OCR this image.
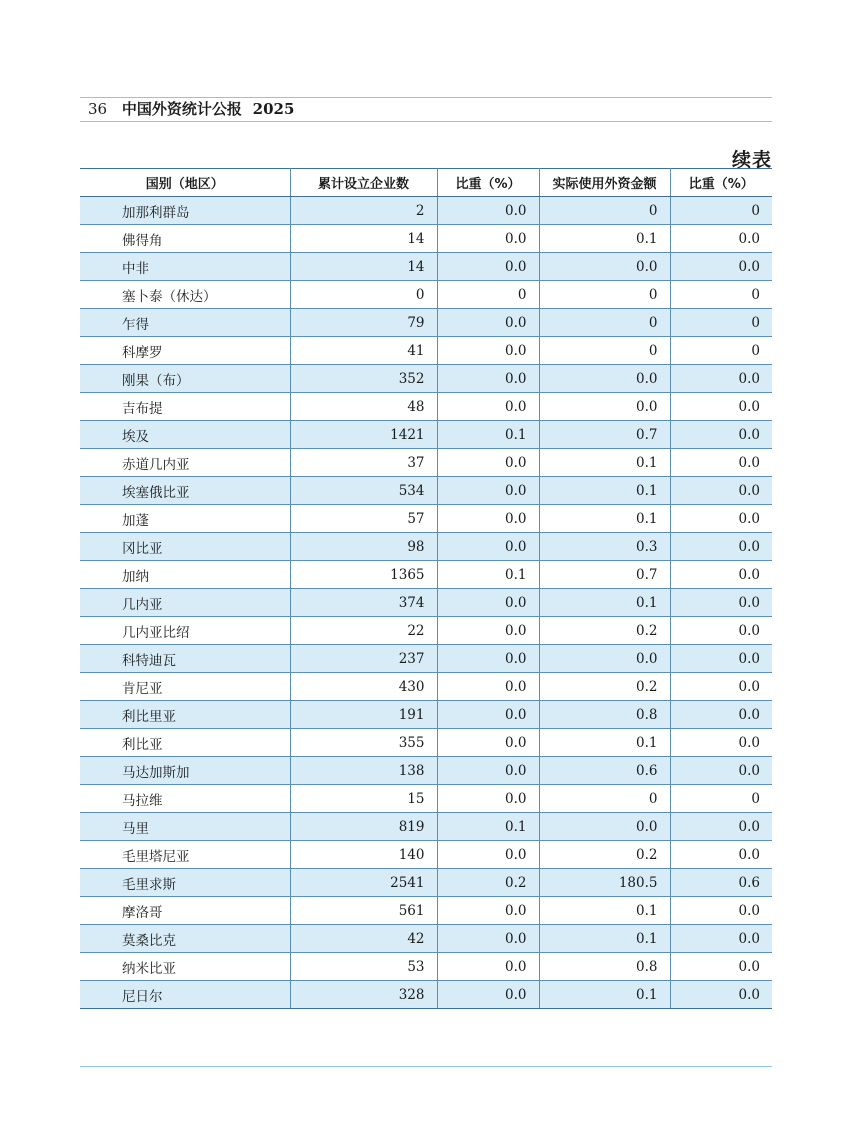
36 中国外资统计公报 2025
续表
国别（地区）	累计设立企业数	比重（%）	实际使用外资金额	比重（%）
加那利群岛	2	0.0	0	0
佛得角	14	0.0	0.1	0.0
中非	14	0.0	0.0	0.0
塞卜泰（休达）	0	0	0	0
乍得	79	0.0	0	0
科摩罗	41	0.0	0	0
刚果（布）	352	0.0	0.0	0.0
吉布提	48	0.0	0.0	0.0
埃及	1421	0.1	0.7	0.0
赤道几内亚	37	0.0	0.1	0.0
埃塞俄比亚	534	0.0	0.1	0.0
加蓬	57	0.0	0.1	0.0
冈比亚	98	0.0	0.3	0.0
加纳	1365	0.1	0.7	0.0
几内亚	374	0.0	0.1	0.0
几内亚比绍	22	0.0	0.2	0.0
科特迪瓦	237	0.0	0.0	0.0
肯尼亚	430	0.0	0.2	0.0
利比里亚	191	0.0	0.8	0.0
利比亚	355	0.0	0.1	0.0
马达加斯加	138	0.0	0.6	0.0
马拉维	15	0.0	0	0
马里	819	0.1	0.0	0.0
毛里塔尼亚	140	0.0	0.2	0.0
毛里求斯	2541	0.2	180.5	0.6
摩洛哥	561	0.0	0.1	0.0
莫桑比克	42	0.0	0.1	0.0
纳米比亚	53	0.0	0.8	0.0
尼日尔	328	0.0	0.1	0.0
